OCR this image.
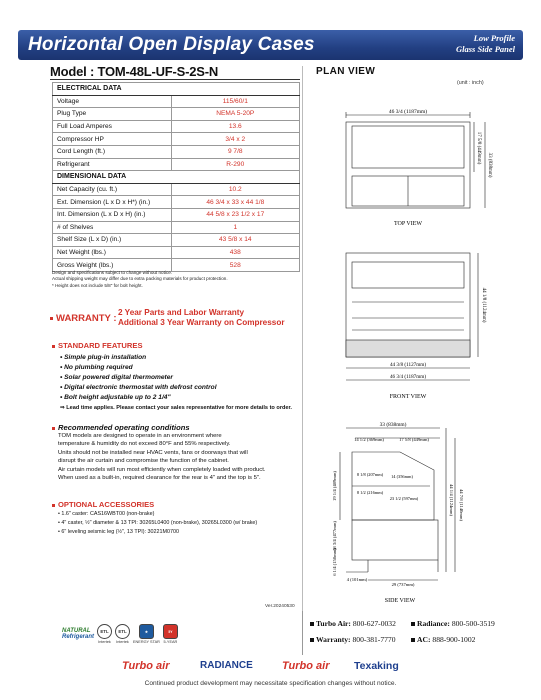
Horizontal Open Display Cases	Low Profile
Glass Side Panel
Model : TOM-48L-UF-S-2S-N
ELECTRICAL DATA	
Voltage	115/60/1
Plug Type	NEMA 5-20P
Full Load Amperes	13.6
Compressor HP	3/4 x 2
Cord Length (ft.)	9 7/8
Refrigerant	R-290
DIMENSIONAL DATA	
Net Capacity (cu. ft.)	10.2
Ext. Dimension (L x D x H*) (in.)	46 3/4 x 33 x 44 1/8
Int. Dimension (L x D x H) (in.)	44 5/8 x 23 1/2 x 17
# of Shelves	1
Shelf Size (L x D) (in.)	43 5/8 x 14
Net Weight (lbs.)	438
Gross Weight (lbs.)	528
Design and specifications subject to change without notice.
Actual shipping weight may differ due to extra packing materials for product protection.
* Height does not include 5/8" for bolt height.
WARRANTY :
2 Year Parts and Labor Warranty
Additional 3 Year Warranty on Compressor
STANDARD FEATURES
• Simple plug-in installation
• No plumbing required
• Solar powered digital thermometer
• Digital electronic thermostat with defrost control
• Bolt height adjustable up to 2 1/4"
⇒ Lead time applies. Please contact your sales representative for more details to order.
Recommended operating conditions
TOM models are designed to operate in an environment where
temperature & humidity do not exceed 80°F and 55% respectively.
Units should not be installed near HVAC vents, fans or doorways that will
disrupt the air curtain and compromise the function of the cabinet.
Air curtain models will run most efficiently when completely loaded with product.
When used as a built-in, required clearance for the rear is 4" and the top is 5".
OPTIONAL ACCESSORIES
• 1.6" caster: CAS16WBT00 (non-brake)
• 4" caster, ½" diameter & 13 TPI: 30265L0400 (non-brake), 30265L0300 (w/ brake)
• 6" leveling seismic leg (½", 13 TPI): 30221M0700
Ver.20240530
NATURAL
Refrigerant
ETL
Intertek
ETL
Intertek
★
ENERGY STAR
5Y
5-YEAR
PLAN VIEW
(unit : inch)
46 3/4 (1187mm)
17 5/8 (449mm)
33 (838mm)
TOP VIEW
44 1/8 (1124mm)
44 3/8 (1127mm)
46 3/4 (1187mm)
FRONT VIEW
33 (838mm)
14 1/2 (369mm)	17 5/8 (449mm)
8 1/8 (207mm) 14 (356mm)
8 1/2 (216mm)
23 1/2 (597mm)
19 1/4 (489mm)
18 3/4 (477mm)
6 1/4 (158mm)
44 1/4 (1124mm) 44 7/8 (1140mm)
4 (101mm)
29 (737mm)
SIDE VIEW
Turbo Air: 800-627-0032	Radiance: 800-500-3519
Warranty: 800-381-7770	AC: 888-900-1002
Turbo air	RADIANCE	Turbo air Texaking
Continued product development may necessitate specification changes without notice.
